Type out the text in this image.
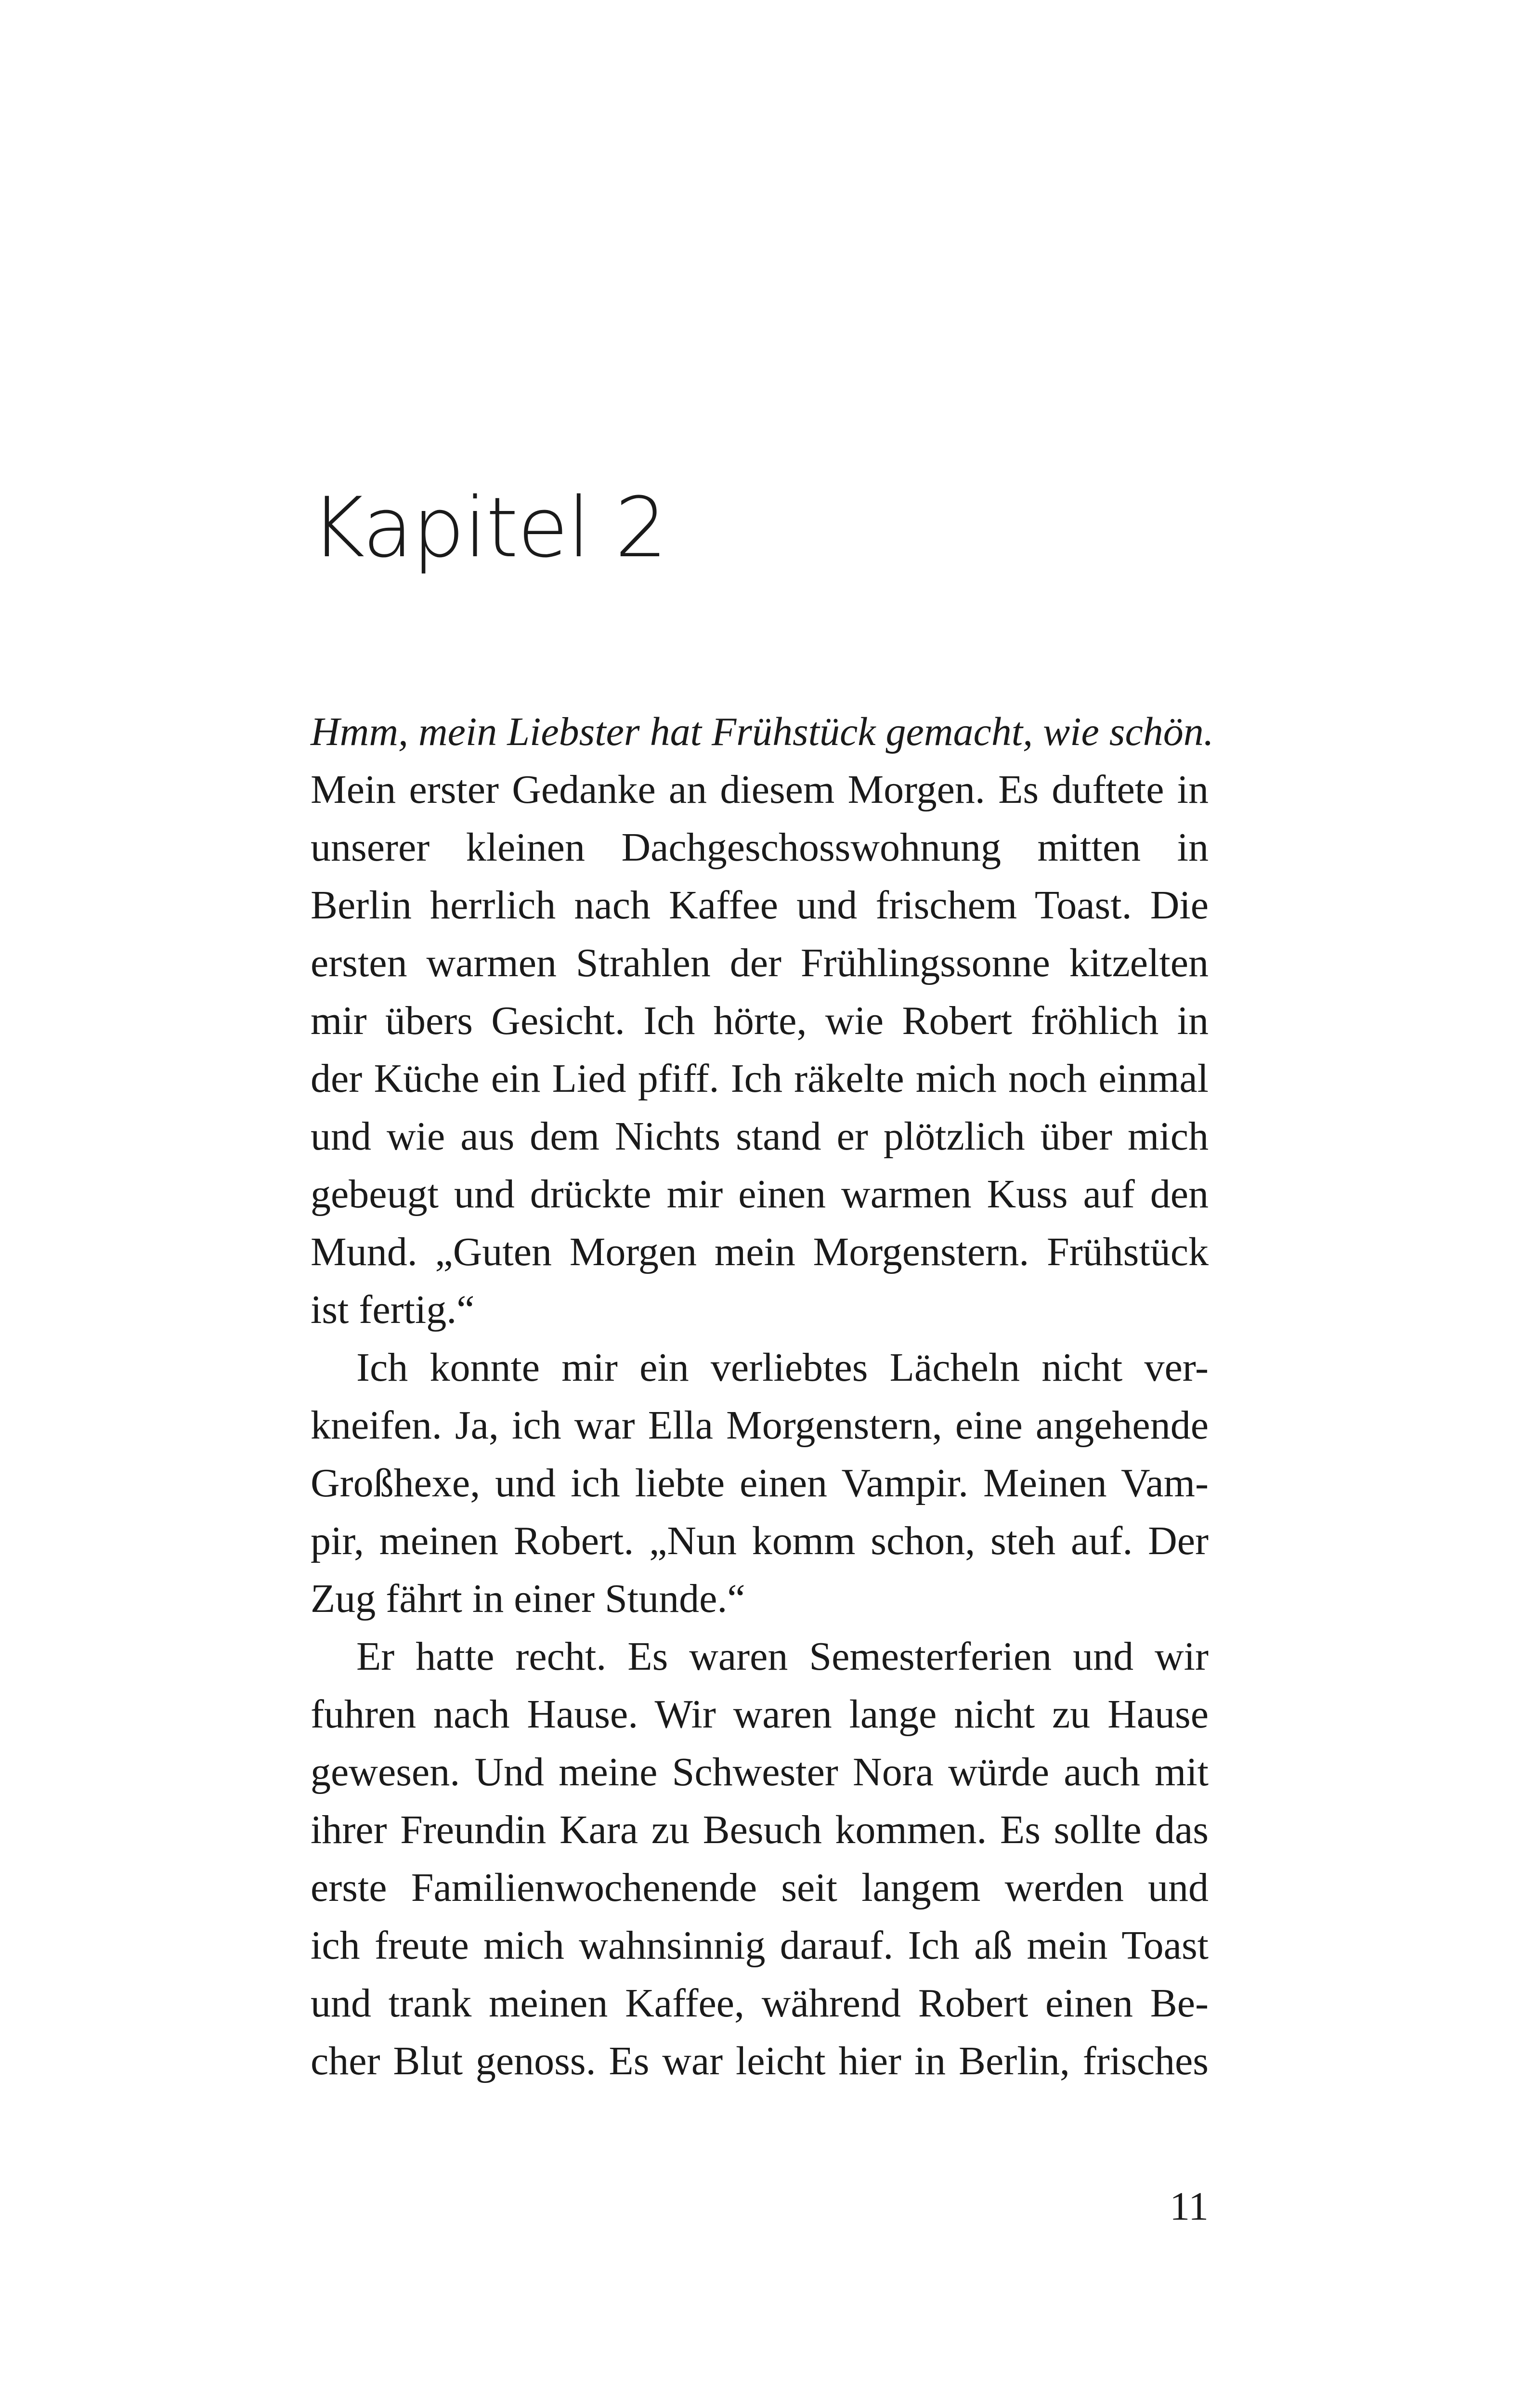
Kapitel 2

Hmm, mein Liebster hat Frühstück gemacht, wie schön.
Mein erster Gedanke an diesem Morgen. Es duftete in
unserer kleinen Dachgeschosswohnung mitten in
Berlin herrlich nach Kaffee und frischem Toast. Die
ersten warmen Strahlen der Frühlingssonne kitzelten
mir übers Gesicht. Ich hörte, wie Robert fröhlich in
der Küche ein Lied pfiff. Ich räkelte mich noch einmal
und wie aus dem Nichts stand er plötzlich über mich
gebeugt und drückte mir einen warmen Kuss auf den
Mund. „Guten Morgen mein Morgenstern. Frühstück
ist fertig.“

Ich konnte mir ein verliebtes Lächeln nicht ver-
kneifen. Ja, ich war Ella Morgenstern, eine angehende
Großhexe, und ich liebte einen Vampir. Meinen Vam-
pir, meinen Robert. „Nun komm schon, steh auf. Der
Zug fährt in einer Stunde.“

Er hatte recht. Es waren Semesterferien und wir
fuhren nach Hause. Wir waren lange nicht zu Hause
gewesen. Und meine Schwester Nora würde auch mit
ihrer Freundin Kara zu Besuch kommen. Es sollte das
erste Familienwochenende seit langem werden und
ich freute mich wahnsinnig darauf. Ich aß mein Toast
und trank meinen Kaffee, während Robert einen Be-
cher Blut genoss. Es war leicht hier in Berlin, frisches

11
